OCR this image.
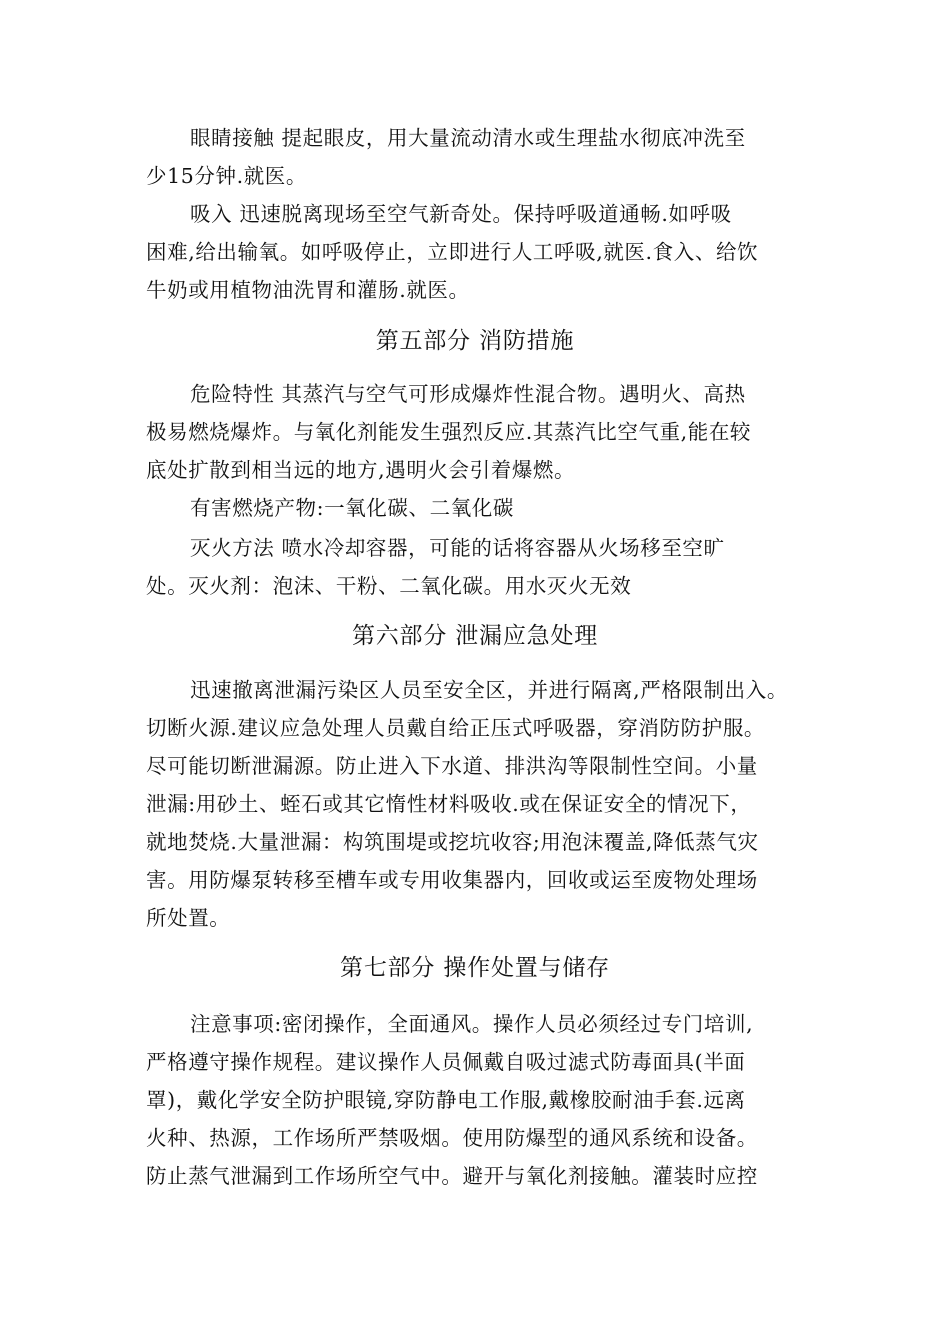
眼睛接触 提起眼皮，用大量流动清水或生理盐水彻底冲洗至
少15分钟.就医。
吸入 迅速脱离现场至空气新奇处。保持呼吸道通畅.如呼吸
困难,给出输氧。如呼吸停止，立即进行人工呼吸,就医.食入、给饮
牛奶或用植物油洗胃和灌肠.就医。
第五部分 消防措施
危险特性 其蒸汽与空气可形成爆炸性混合物。遇明火、高热
极易燃烧爆炸。与氧化剂能发生强烈反应.其蒸汽比空气重,能在较
底处扩散到相当远的地方,遇明火会引着爆燃。
有害燃烧产物:一氧化碳、二氧化碳
灭火方法 喷水冷却容器，可能的话将容器从火场移至空旷
处。灭火剂：泡沫、干粉、二氧化碳。用水灭火无效
第六部分 泄漏应急处理
迅速撤离泄漏污染区人员至安全区，并进行隔离,严格限制出入。
切断火源.建议应急处理人员戴自给正压式呼吸器，穿消防防护服。
尽可能切断泄漏源。防止进入下水道、排洪沟等限制性空间。小量
泄漏:用砂土、蛭石或其它惰性材料吸收.或在保证安全的情况下，
就地焚烧.大量泄漏：构筑围堤或挖坑收容;用泡沫覆盖,降低蒸气灾
害。用防爆泵转移至槽车或专用收集器内，回收或运至废物处理场
所处置。
第七部分 操作处置与储存
注意事项:密闭操作，全面通风。操作人员必须经过专门培训,
严格遵守操作规程。建议操作人员佩戴自吸过滤式防毒面具(半面
罩)，戴化学安全防护眼镜,穿防静电工作服,戴橡胶耐油手套.远离
火种、热源，工作场所严禁吸烟。使用防爆型的通风系统和设备。
防止蒸气泄漏到工作场所空气中。避开与氧化剂接触。灌装时应控
